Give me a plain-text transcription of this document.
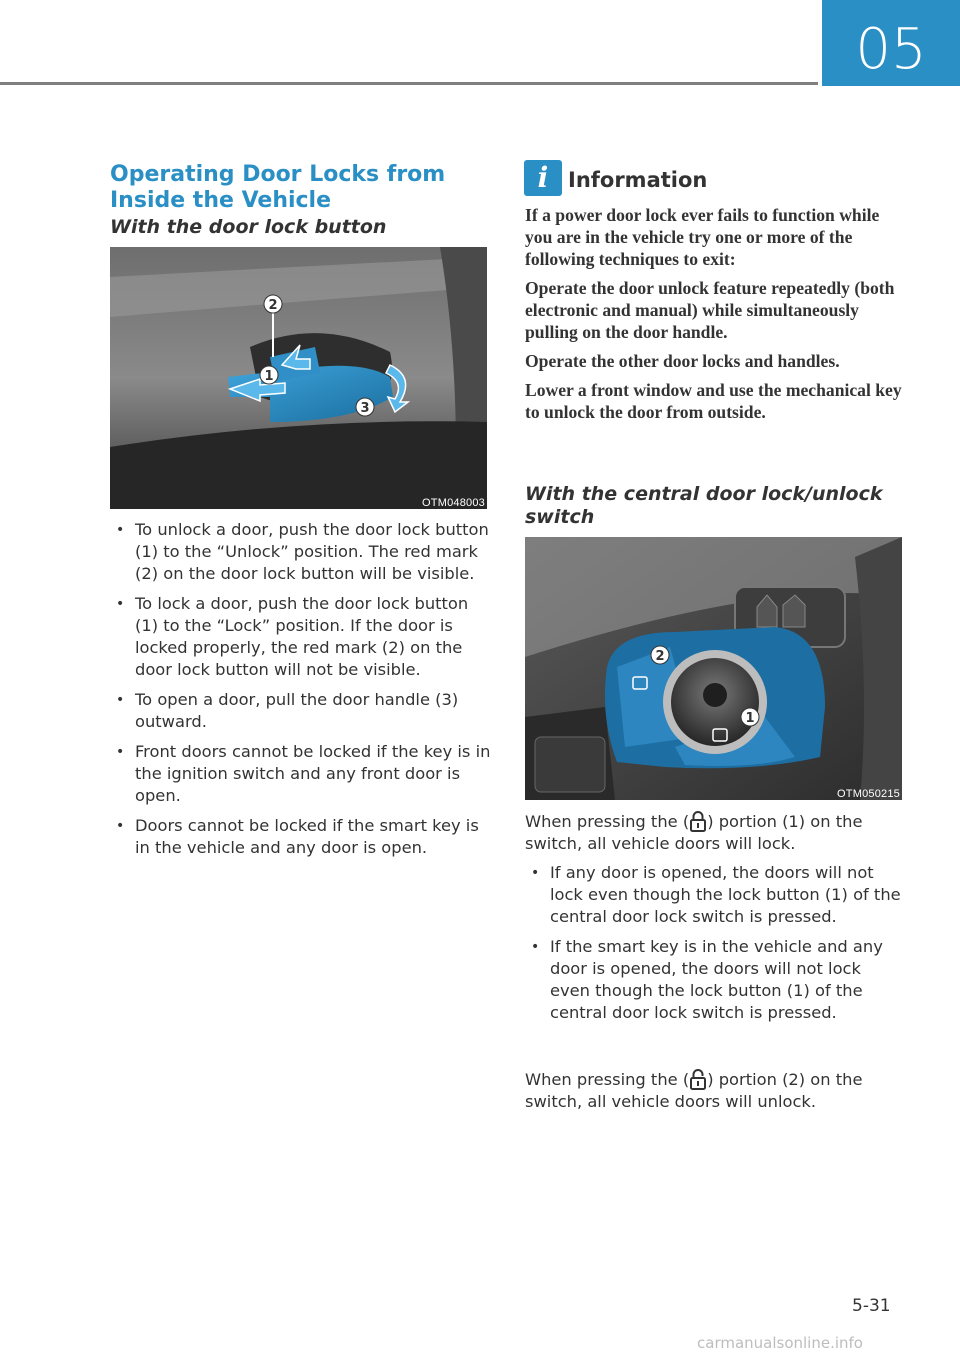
05
Operating Door Locks from Inside the Vehicle
With the door lock button
2
1
3
OTM048003
• To unlock a door, push the door lock button (1) to the “Unlock” position. The red mark (2) on the door lock button will be visible.
• To lock a door, push the door lock button (1) to the “Lock” position. If the door is locked properly, the red mark (2) on the door lock button will not be visible.
• To open a door, pull the door handle (3) outward.
• Front doors cannot be locked if the key is in the ignition switch and any front door is open.
• Doors cannot be locked if the smart key is in the vehicle and any door is open.
i Information

If a power door lock ever fails to function while you are in the vehicle try one or more of the following techniques to exit:

Operate the door unlock feature repeatedly (both electronic and manual) while simultaneously pulling on the door handle.

Operate the other door locks and handles.

Lower a front window and use the mechanical key to unlock the door from outside.

With the central door lock/unlock switch
2
1
OTM050215
When pressing the ( ) portion (1) on the switch, all vehicle doors will lock.
• If any door is opened, the doors will not lock even though the lock button (1) of the central door lock switch is pressed.
• If the smart key is in the vehicle and any door is opened, the doors will not lock even though the lock button (1) of the central door lock switch is pressed.
When pressing the ( ) portion (2) on the switch, all vehicle doors will unlock.
5-31
carmanualsonline.info
